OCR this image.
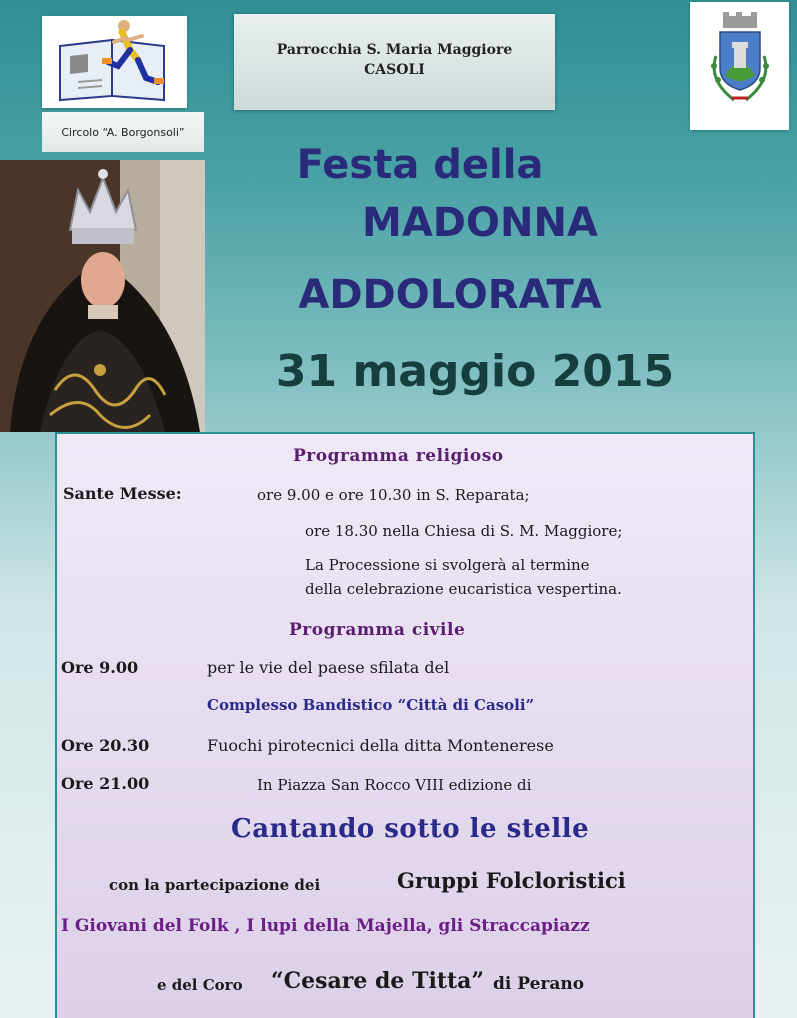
Circolo “A. Borgonsoli”
Parrocchia S. Maria Maggiore
CASOLI
Festa della
MADONNA
ADDOLORATA
31 maggio 2015
Programma religioso
Sante Messe:	ore 9.00 e ore 10.30 in S. Reparata;
ore 18.30 nella Chiesa di S. M. Maggiore;
La Processione si svolgerà al termine
della celebrazione eucaristica vespertina.
Programma civile
Ore 9.00	per le vie del paese sfilata del
Complesso Bandistico “Città di Casoli”
Ore 20.30	Fuochi pirotecnici della ditta Montenerese
Ore 21.00	In Piazza San Rocco VIII edizione di
Cantando sotto le stelle
con la partecipazione dei	Gruppi Folcloristici
I Giovani del Folk , I lupi della Majella, gli Straccapiazz
e del Coro “Cesare de Titta” di Perano
